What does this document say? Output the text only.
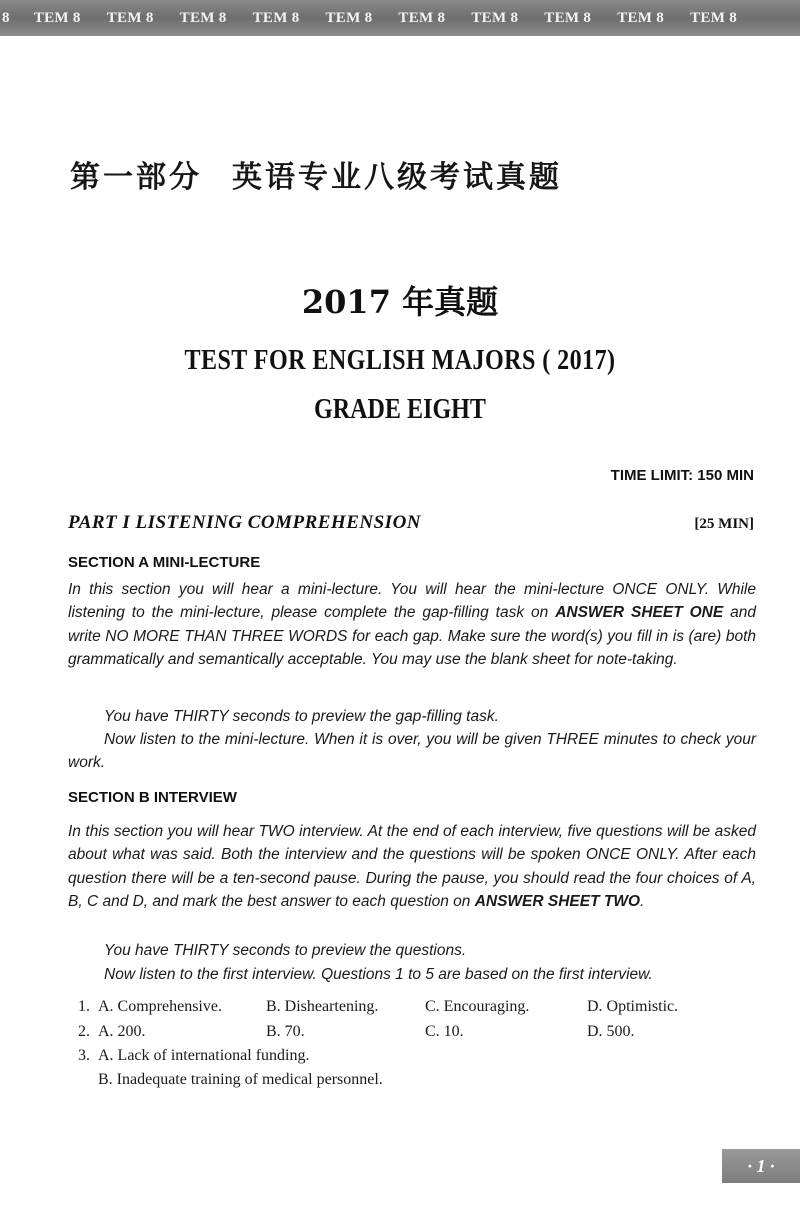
8 TEM 8 TEM 8 TEM 8 TEM 8 TEM 8 TEM 8 TEM 8 TEM 8 TEM 8 TEM 8
第一部分 英语专业八级考试真题
2017 年真题
TEST FOR ENGLISH MAJORS ( 2017)
GRADE EIGHT
TIME LIMIT: 150 MIN
PART I LISTENING COMPREHENSION	[25 MIN]
SECTION A MINI-LECTURE
In this section you will hear a mini-lecture. You will hear the mini-lecture ONCE ONLY. While listening to the mini-lecture, please complete the gap-filling task on ANSWER SHEET ONE and write NO MORE THAN THREE WORDS for each gap. Make sure the word(s) you fill in is (are) both grammatically and semantically acceptable. You may use the blank sheet for note-taking.
You have THIRTY seconds to preview the gap-filling task.
Now listen to the mini-lecture. When it is over, you will be given THREE minutes to check your work.
SECTION B INTERVIEW
In this section you will hear TWO interview. At the end of each interview, five questions will be asked about what was said. Both the interview and the questions will be spoken ONCE ONLY. After each question there will be a ten-second pause. During the pause, you should read the four choices of A, B, C and D, and mark the best answer to each question on ANSWER SHEET TWO.
You have THIRTY seconds to preview the questions.
Now listen to the first interview. Questions 1 to 5 are based on the first interview.
1. A. Comprehensive.	B. Disheartening.	C. Encouraging.	D. Optimistic.
2. A. 200.	B. 70.	C. 10.	D. 500.
3. A. Lack of international funding.
B. Inadequate training of medical personnel.
· 1 ·
